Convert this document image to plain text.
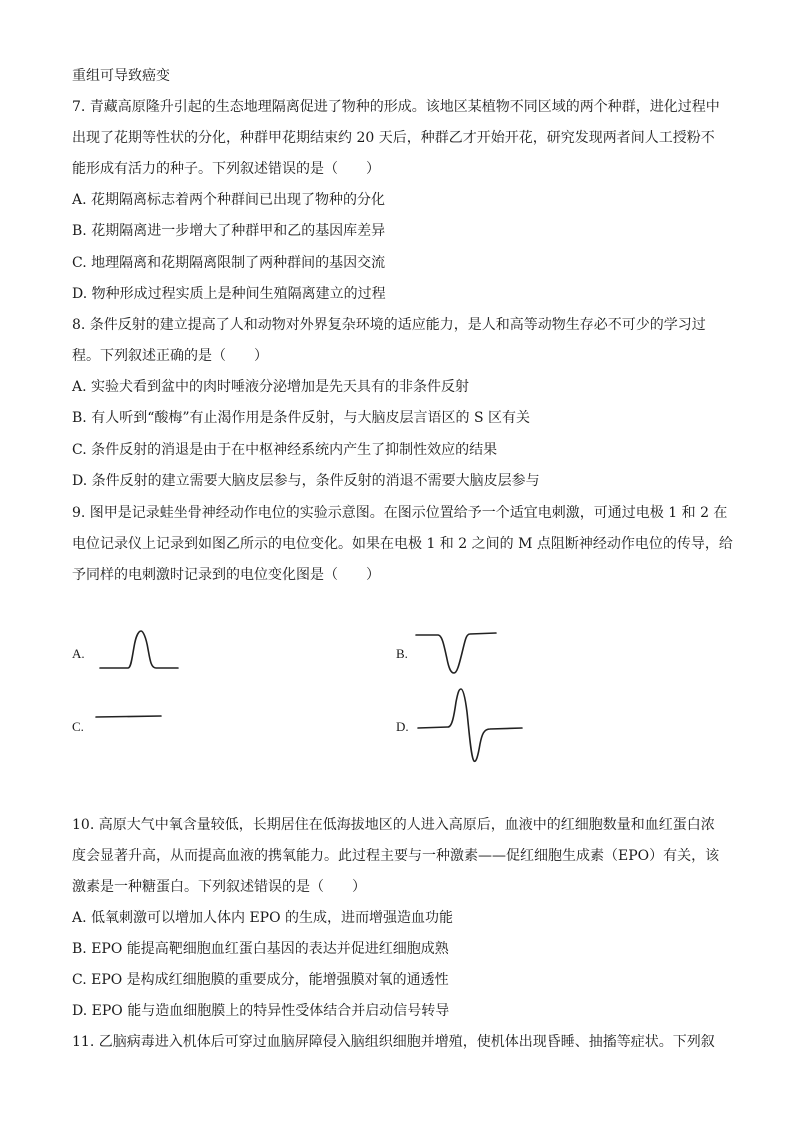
重组可导致癌变
7. 青藏高原隆升引起的生态地理隔离促进了物种的形成。该地区某植物不同区域的两个种群，进化过程中
出现了花期等性状的分化，种群甲花期结束约 20 天后，种群乙才开始开花，研究发现两者间人工授粉不
能形成有活力的种子。下列叙述错误的是（　　）
A. 花期隔离标志着两个种群间已出现了物种的分化
B. 花期隔离进一步增大了种群甲和乙的基因库差异
C. 地理隔离和花期隔离限制了两种群间的基因交流
D. 物种形成过程实质上是种间生殖隔离建立的过程
8. 条件反射的建立提高了人和动物对外界复杂环境的适应能力，是人和高等动物生存必不可少的学习过
程。下列叙述正确的是（　　）
A. 实验犬看到盆中的肉时唾液分泌增加是先天具有的非条件反射
B. 有人听到“酸梅”有止渴作用是条件反射，与大脑皮层言语区的 S 区有关
C. 条件反射的消退是由于在中枢神经系统内产生了抑制性效应的结果
D. 条件反射的建立需要大脑皮层参与，条件反射的消退不需要大脑皮层参与
9. 图甲是记录蛙坐骨神经动作电位的实验示意图。在图示位置给予一个适宜电刺激，可通过电极 1 和 2 在
电位记录仪上记录到如图乙所示的电位变化。如果在电极 1 和 2 之间的 M 点阻断神经动作电位的传导，给
予同样的电刺激时记录到的电位变化图是（　　）
A.	B.
C.	D.
10. 高原大气中氧含量较低，长期居住在低海拔地区的人进入高原后，血液中的红细胞数量和血红蛋白浓
度会显著升高，从而提高血液的携氧能力。此过程主要与一种激素——促红细胞生成素（EPO）有关，该
激素是一种糖蛋白。下列叙述错误的是（　　）
A. 低氧刺激可以增加人体内 EPO 的生成，进而增强造血功能
B. EPO 能提高靶细胞血红蛋白基因的表达并促进红细胞成熟
C. EPO 是构成红细胞膜的重要成分，能增强膜对氧的通透性
D. EPO 能与造血细胞膜上的特异性受体结合并启动信号转导
11. 乙脑病毒进入机体后可穿过血脑屏障侵入脑组织细胞并增殖，使机体出现昏睡、抽搐等症状。下列叙
